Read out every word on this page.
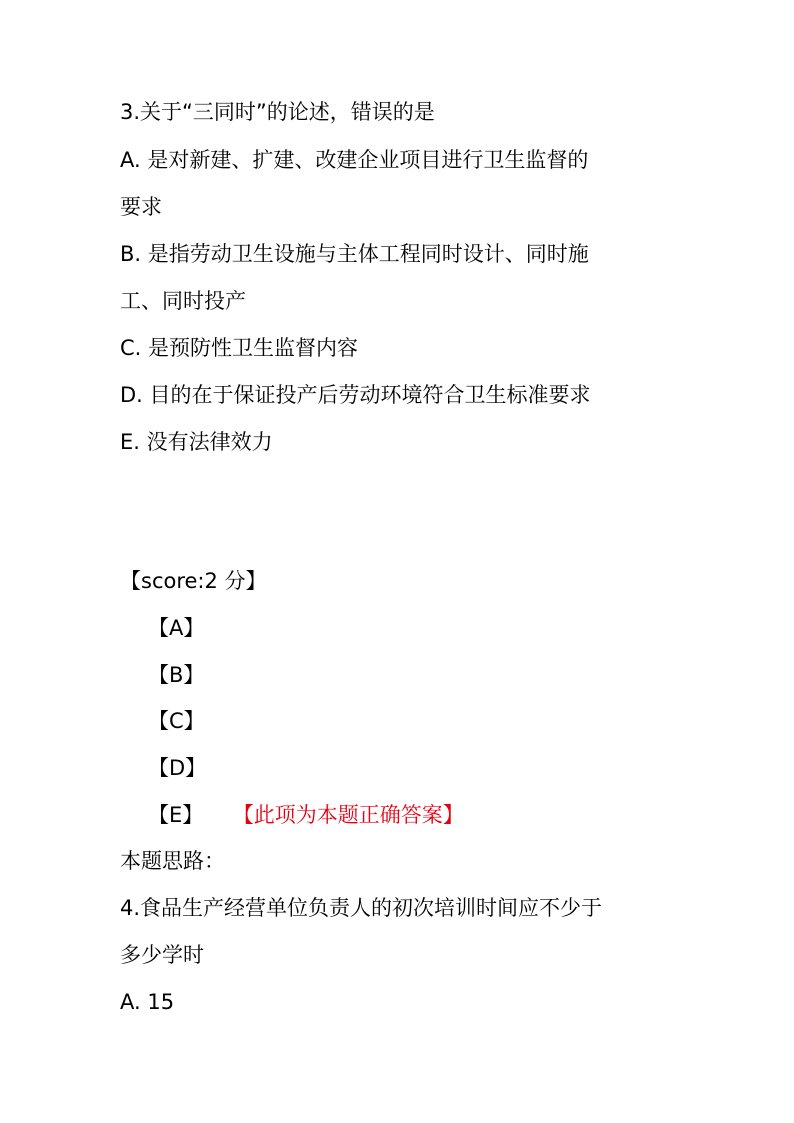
3.关于“三同时”的论述，错误的是
A. 是对新建、扩建、改建企业项目进行卫生监督的
要求
B. 是指劳动卫生设施与主体工程同时设计、同时施
工、同时投产
C. 是预防性卫生监督内容
D. 目的在于保证投产后劳动环境符合卫生标准要求
E. 没有法律效力
【score:2 分】
【A】
【B】
【C】
【D】
【E】 【此项为本题正确答案】
本题思路：
4.食品生产经营单位负责人的初次培训时间应不少于
多少学时
A. 15
